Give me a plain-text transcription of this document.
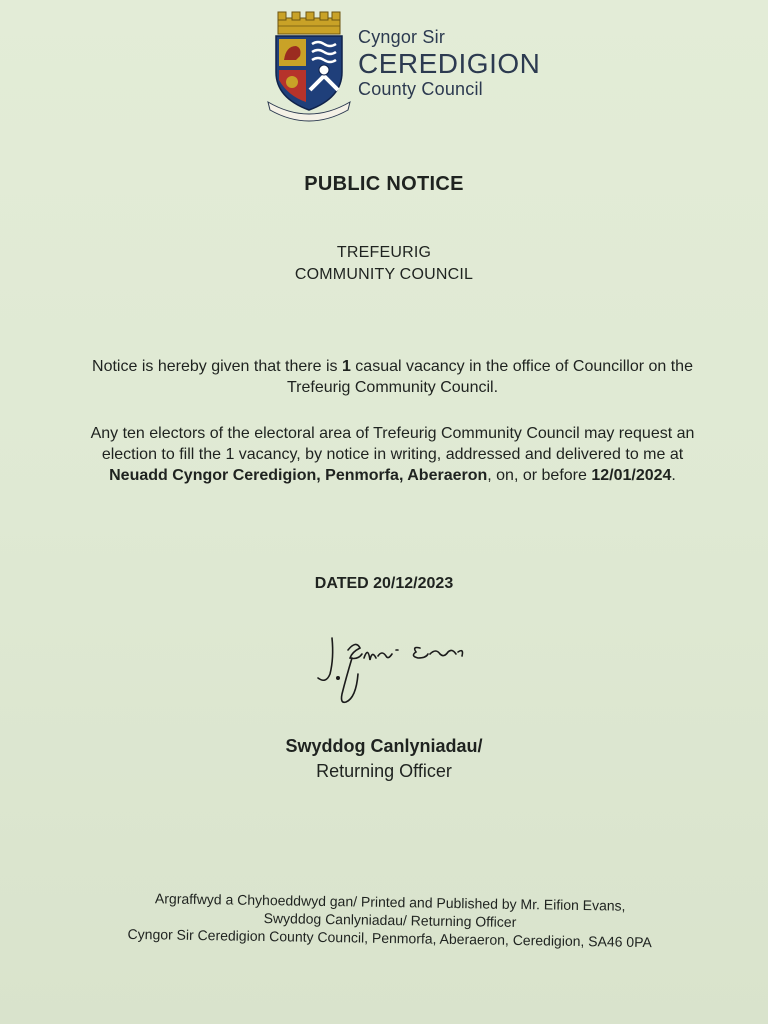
Cyngor Sir
CEREDIGION
County Council
PUBLIC NOTICE
TREFEURIG
COMMUNITY COUNCIL
Notice is hereby given that there is 1 casual vacancy in the office of Councillor on the Trefeurig Community Council.
Any ten electors of the electoral area of Trefeurig Community Council may request an election to fill the 1 vacancy, by notice in writing, addressed and delivered to me at Neuadd Cyngor Ceredigion, Penmorfa, Aberaeron, on, or before 12/01/2024.
DATED 20/12/2023
Swyddog Canlyniadau/
Returning Officer
Argraffwyd a Chyhoeddwyd gan/ Printed and Published by Mr. Eifion Evans,
Swyddog Canlyniadau/ Returning Officer
Cyngor Sir Ceredigion County Council, Penmorfa, Aberaeron, Ceredigion, SA46 0PA
